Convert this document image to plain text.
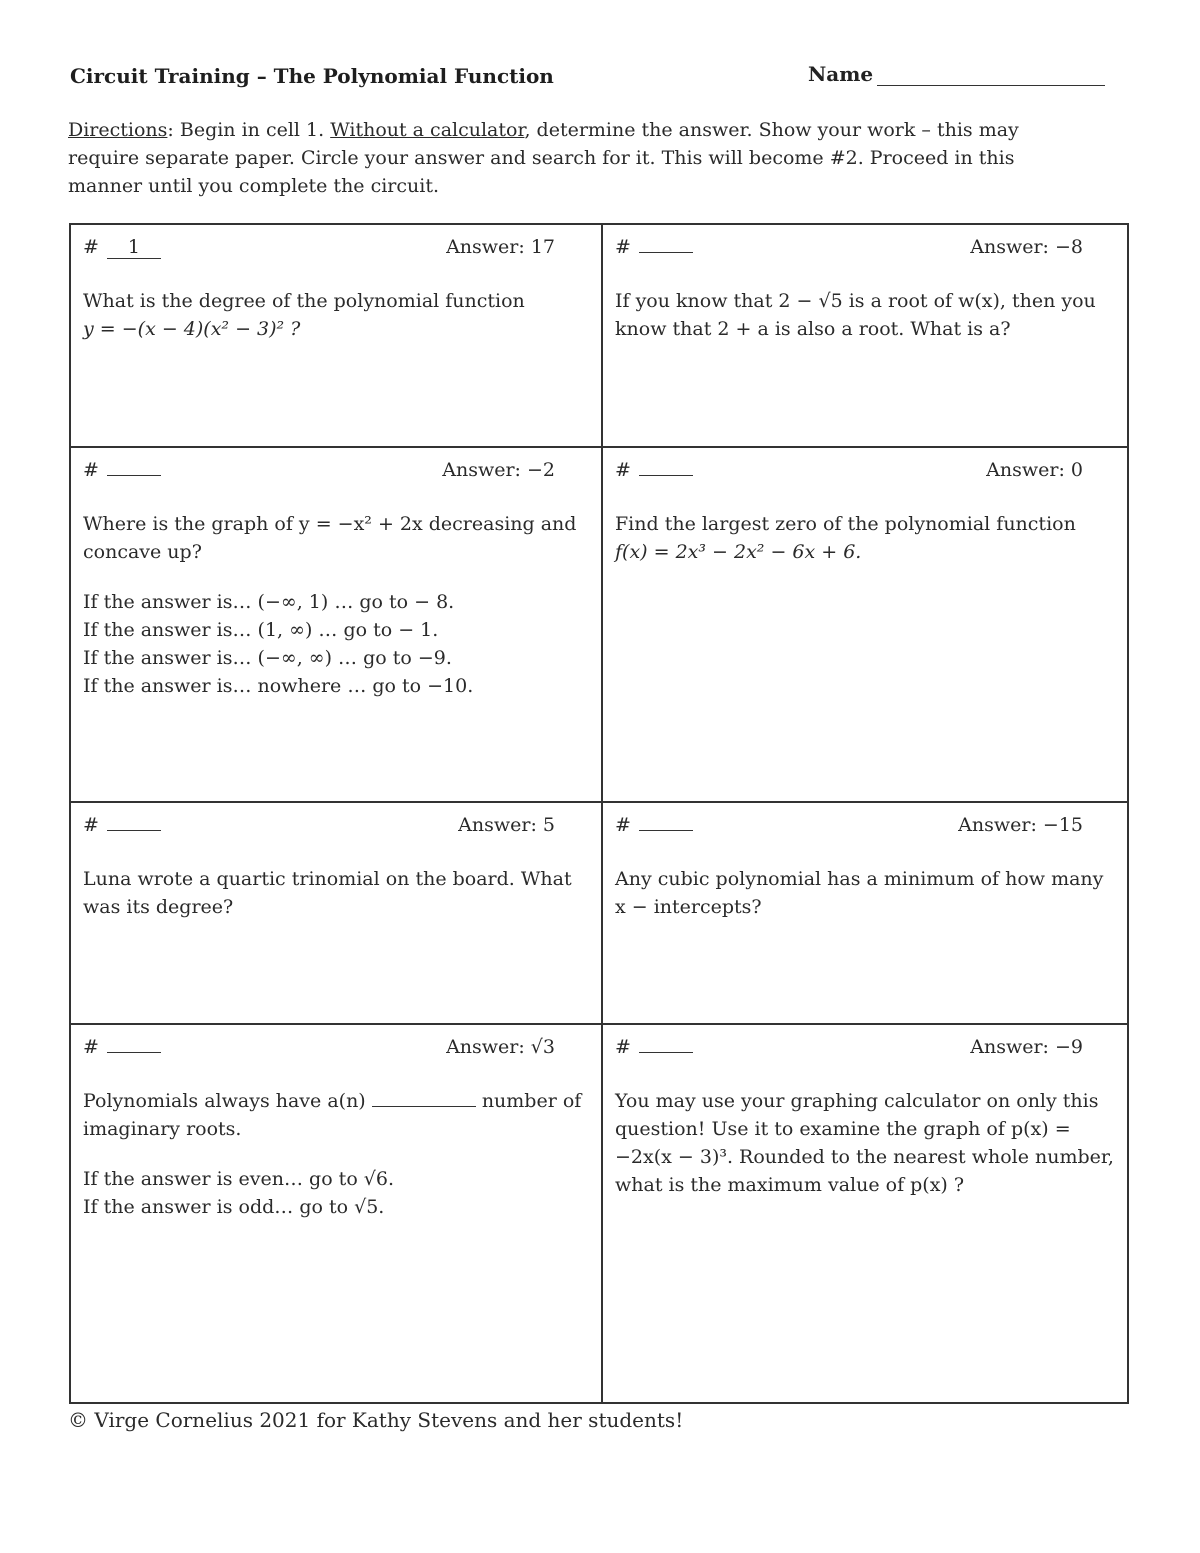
Circuit Training – The Polynomial Function	Name
Directions: Begin in cell 1. Without a calculator, determine the answer. Show your work – this may require separate paper. Circle your answer and search for it. This will become #2. Proceed in this manner until you complete the circuit.
# 1	Answer: 17
What is the degree of the polynomial function
y = −(x − 4)(x² − 3)² ?
#	Answer: −8
If you know that 2 − √5 is a root of w(x), then you know that 2 + a is also a root. What is a?
#	Answer: −2
Where is the graph of y = −x² + 2x decreasing and concave up?
If the answer is… (−∞, 1) … go to − 8.
If the answer is… (1, ∞) … go to − 1.
If the answer is… (−∞, ∞) … go to −9.
If the answer is… nowhere … go to −10.
#	Answer: 0
Find the largest zero of the polynomial function
f(x) = 2x³ − 2x² − 6x + 6.
#	Answer: 5
Luna wrote a quartic trinomial on the board. What was its degree?
#	Answer: −15
Any cubic polynomial has a minimum of how many x − intercepts?
#	Answer: √3
Polynomials always have a(n)	number of imaginary roots.
If the answer is even… go to √6.
If the answer is odd… go to √5.
#	Answer: −9
You may use your graphing calculator on only this question! Use it to examine the graph of p(x) = −2x(x − 3)³. Rounded to the nearest whole number, what is the maximum value of p(x) ?
© Virge Cornelius 2021 for Kathy Stevens and her students!
